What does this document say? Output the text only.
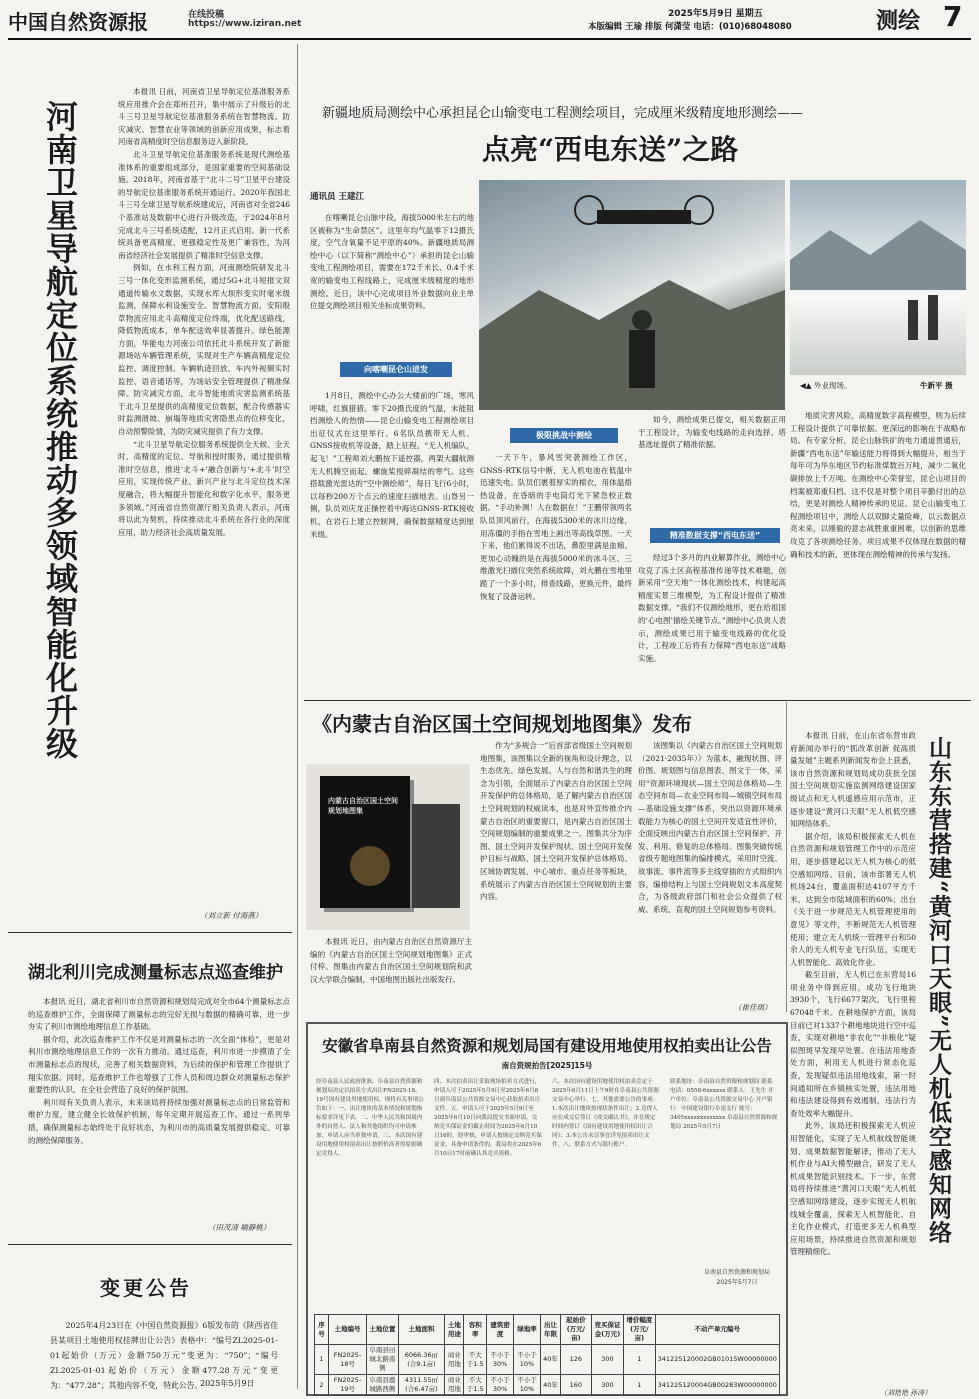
中国自然资源报	在线投稿
https://www.iziran.net
2025年5月9日 星期五
本版编辑 王瑜 排版 何潇莹 电话：(010)68048080	测绘 7
河南卫星导航定位系统推动多领域智能化升级

本报讯 日前，河南省卫星导航定位基准服务系统应用推介会在郑州召开，集中展示了升级后的北斗三号卫星导航定位基准服务系统在智慧物流、防灾减灾、智慧农业等领域的创新应用成果，标志着河南省高精度时空信息服务迈入新阶段。

北斗卫星导航定位基准服务系统是现代测绘基准体系的重要组成部分，是国家重要的空间基础设施。2018年，河南省基于“北斗二号”卫星平台建设的导航定位基准服务系统开通运行。2020年我国北斗三号全球卫星导航系统建成后，河南省对全省246个基准站及数据中心进行升级改造，于2024年8月完成北斗三号系统适配，12月正式启用。新一代系统具备更高精度、更强稳定性及更广兼容性，为河南省经济社会发展提供了精准时空信息支撑。

例如，在水利工程方面，河南测绘院研发北斗三号一体化变形监测系统，通过5G+北斗短报文双通道传输水文数据，实现水库大坝形变实时毫米级监测，保障水利设施安全。智慧物流方面，安阳殷草物流应用北斗高精度定位终端，优化配送路线，降低物流成本，单车配送效率显著提升。绿色能源方面，华能电力河南公司依托北斗系统开发了新能源场站车辆管理系统，实现对生产车辆高精度定位监控、调度控制、车辆轨迹回放、车内外视频实时监控、语音通话等，为场站安全管理提供了精准保障。防灾减灾方面，北斗智能地质灾害监测系统基于北斗卫星提供的高精度定位数据，配合传感器实时监测滑坡、崩塌等地质灾害隐患点的位移变化，自动预警险情，为防灾减灾提供了有力支撑。

“北斗卫星导航定位服务系统提供全天候、全天时、高精度的定位、导航和授时服务，通过提供精准时空信息，推进‘北斗+’融合创新与‘+北斗’时空应用，实现传统产业、新兴产业与北斗定位技术深度融合，将大幅提升智能化和数字化水平，服务更多领域。”河南省自然资源厅相关负责人表示，河南将以此为契机，持续推动北斗系统在各行业的深度应用，助力经济社会高质量发展。

（刘立新 付海燕）
湖北利川完成测量标志点巡查维护

本报讯 近日，湖北省利川市自然资源和规划局完成对全市64个测量标志点的巡查维护工作，全面保障了测量标志的完好无损与数据的精确可靠，进一步夯实了利川市测绘地理信息工作基础。

据介绍，此次巡查维护工作不仅是对测量标志的一次全面“体检”，更是对利川市测绘地理信息工作的一次有力推动。通过巡查，利川市进一步摸清了全市测量标志点的现状，完善了相关数据资料，为后续的保护和管理工作提供了翔实依据。同时，巡查维护工作也增强了工作人员和周边群众对测量标志保护重要性的认识，在全社会营造了良好的保护氛围。

利川局有关负责人表示，未来该局将持续加强对测量标志点的日常监管和维护力度，建立健全长效保护机制，每年定期开展巡查工作。通过一系列举措，确保测量标志始终处于良好状态，为利川市的高质量发展提供稳定、可靠的测绘保障服务。

（田茂清 喻静桃）
变更公告
2025年4月23日在《中国自然资源报》6版发布的《陕西省佳县某项目土地使用权挂牌出让公告》表格中：“编号ZL2025-01-01起始价（万元）金额750万元”变更为：“750”；“编号ZL2025-01-01起始价（万元）金额477.28万元”变更为：“477.28”；其他内容不变，特此公告。
2025年5月9日
新疆地质局测绘中心承担昆仑山输变电工程测绘项目，完成厘米级精度地形测绘——
点亮“西电东送”之路
通讯员 王建江
在喀喇昆仑山脉中段，海拔5000米左右的地区被称为“生命禁区”。这里年均气温零下12摄氏度，空气含氧量不足平原的40%。新疆地质局测绘中心（以下简称“测绘中心”）承担的昆仑山输变电工程测绘项目，需要在172千米长、0.4千米宽的输变电工程线路上，完成厘米级精度的地形测绘。近日，该中心完成项目外业数据向业主单位提交测绘项目相关坐标成果资料。
◀▲ 外业现场。	牛新平 摄
向喀喇昆仑山进发
1月8日，测绘中心办公大楼前的广场，寒风呼啸，红旗猎猎。零下20摄氏度的气温，未能阻挡测绘人的热情——昆仑山输变电工程测绘项目出征仪式在这里举行。6名队员携带无人机、GNSS接收机等设备，踏上征程。“无人机编队，起飞！”工程师刘大鹏按下遥控器，两架大疆航测无人机腾空而起，螺旋桨搅碎凝结的寒气。这些搭载激光雷达的“空中测绘师”，每日飞行6小时，以每秒200万个点云的速度扫描地表。山脊另一侧，队员刘庆龙正操控着中海达GNSS-RTK接收机，在岩石上建立控制网，确保数据精度达到厘米级。
极限挑战中测绘
一天下午，暴风雪突袭测绘工作区，GNSS-RTK信号中断，无人机电池在低温中迅速失电。队员们裹着厚实的棉衣，用体温焐热设备，在昏暗的手电筒灯光下紧急校正数据。“手动补测！人在数据在！”王鹏带领两名队员顶风前行，在海拔5300米的冰川边缘，用冻僵的手指在雪地上画出等高线草图。一天下来，他们累得说不出话，鼻腔里满是血痂。更加心动魄的是在海拔5000米的冰斗区。三维激光扫描仪突然系统故障，刘大鹏在雪地里跪了一个多小时，排查线路，更换元件，最终恢复了设备运转。
如今，测绘成果已提交，相关数据正用于工程设计，为输变电线路的走向选择、塔基选址提供了精准依据。
精准数据支撑“西电东送”
经过3个多月的内业解算作业，测绘中心攻克了冻土区高程基准传递等技术难题，创新采用“空天地”一体化测绘技术，构建起高精度实景三维模型，为工程设计提供了精准数据支撑。“我们不仅测绘地形，更在给祖国的‘心电图’描绘关键节点。”测绘中心负责人表示，测绘成果已用于输变电线路的优化设计，工程竣工后将有力保障“西电东送”战略实施。
地质灾害风险，高精度数字高程模型，则为后续工程设计提供了可靠依据。更深远的影响在于战略布局。有专家分析，昆仑山脉铁矿的电力通道贯通后，新疆“西电东送”年输送能力将得到大幅提升，相当于每年可为华东地区节约标准煤数百万吨，减少二氧化碳排放上千万吨。在测绘中心荣誉室，昆仑山项目的档案被郑重归档。这不仅是对整个项目辛勤付出的总结，更是对测绘人精神传承的见证。昆仑山输变电工程测绘项目中，测绘人以双脚丈量险峰，以云数据点亮未来，以刚毅的意志战胜重重困难，以创新的思维攻克了各项测绘任务。项目成果不仅体现在数据的精确和技术的新，更体现在测绘精神的传承与发扬。
《内蒙古自治区国土空间规划地图集》发布
内蒙古自治区国土空间规划地图集
本报讯 近日，由内蒙古自治区自然资源厅主编的《内蒙古自治区国土空间规划地图集》正式付梓。图集由内蒙古自治区国土空间规划院和武汉大学联合编制，中国地图出版社出版发行。
作为“多规合一”后首部省级国土空间规划地图集，该图集以全新的视角和设计理念，以生态优先、绿色发展、人与自然和谐共生的理念为引领，全面展示了内蒙古自治区国土空间开发保护的总体格局，是了解内蒙古自治区国土空间规划的权威读本，也是对外宣传推介内蒙古自治区的重要窗口，是内蒙古自治区国土空间规划编制的重要成果之一。图集共分为序图、国土空间开发保护现状、国土空间开发保护目标与战略、国土空间开发保护总体格局、区域协调发展、中心城市、重点任务等板块，系统展示了内蒙古自治区国土空间规划的主要内容。
该图集以《内蒙古自治区国土空间规划（2021-2035年）》为蓝本，融现状图、评价图、规划图与信息图表、图文于一体，采用“资源环境现状—国土空间总体格局—生态空间布局—农业空间布局—城镇空间布局—基础设施支撑”体系，突出以资源环境承载能力为核心的国土空间开发适宜性评价，全面反映出内蒙古自治区国土空间保护、开发、利用、修复的总体格局。图集突破传统省级专题地图集的编排模式，采用时空流、故事流、事件流等多主线穿插的方式组织内容，编排结构上与国土空间规划文本高度契合，为各级政府部门和社会公众提供了权威、系统、直观的国土空间规划参考资料。
（崔佳琪）

本报讯 日前，在山东省东营市政府新闻办举行的“抓改革创新 促高质量发展”主题系列新闻发布会上获悉，该市自然资源和规划局成功获批全国国土空间规划实施监测网络建设国家级试点和无人机遥感应用示范市，正逐步建设“黄河口天眼”无人机低空感知网络体系。

据介绍，该局积极探索无人机在自然资源和规划管理工作中的示范应用，逐步搭建起以无人机为核心的低空感知网络。目前，该市部署无人机机场24台，覆盖面积达4107平方千米，达到全市陆域面积的60%；出台《关于进一步规范无人机管理使用的意见》等文件，不断规范无人机管理使用；建立无人机统一管理平台和50余人的无人机专业飞行队伍，实现无人机智能化、高效化作业。

截至目前，无人机已在东营局16项业务中得到应用，成功飞行地块3930个，飞行6677架次，飞行里程67048千米。在耕地保护方面，该局目前已对1337个耕地地块进行空中巡查，实现对耕地“非农化”“非粮化”疑似图斑早发现早处置。在违法用地查处方面，利用无人机进行常态化巡查，发现疑似违法用地线索，第一时间通知所在乡镇核实处置，违法用地和违法建设得到有效遏制，违法行为查处效率大幅提升。

此外，该局还积极探索无人机应用智能化，实现了无人机航线智能规划、成果数据智能解译，推动了无人机作业与AI大模型融合，研发了无人机成果智能识别技术。下一步，东营局将持续推进“黄河口天眼”无人机低空感知网络建设，逐步实现无人机航线城全覆盖，探索无人机智能化、自主化作业模式，打造更多无人机典型应用场景，持续推进自然资源和规划管理精细化。

山东东营搭建“黄河口天眼”无人机低空感知网络
（刘艳艳 孙涛）
安徽省阜南县自然资源和规划局国有建设用地使用权拍卖出让公告
南自资规拍告[2025]15号
经阜南县人民政府批准，阜南县自然资源和规划局决定以拍卖方式出让FN2025-18、19号国有建设用地使用权。现将有关事项公告如下：一、出让地块的基本情况和规划指标要求详见下表。二、中华人民共和国境内外的自然人、法人和其他组织均可申请参加，申请人应当单独申请。三、本次国有建设用地使用权拍卖出让按照价高者得原则确定竞得人。
四、本次拍卖出让采取现场拍卖方式进行，申请人可于2025年5月9日至2025年6月8日到阜南县公共资源交易中心获取拍卖出让文件。五、申请人可于2025年5月9日至2025年6月10日向我局提交书面申请。交纳竞买保证金的截止时间为2025年6月10日16时。经审核，申请人按规定交纳竞买保证金，具备申请条件的，我局将在2025年6月10日17时前确认其竞买资格。
六、本次国有建设用地使用权拍卖会定于2025年6月11日上午9时在阜南县公共资源交易中心举行。七、其他需要公告的事项：1.本次出让地块按现状条件出让；2.竞得人应在成交后签订《成交确认书》，并在规定时间内签订《国有建设用地使用权出让合同》；3.本公告未尽事宜详见拍卖出让文件。八、联系方式与银行账户。
联系地址：阜南县自然资源和规划局 联系电话：0558-6xxxxxx 联系人：王先生 开户单位：阜南县公共资源交易中心 开户银行：中国建设银行阜南支行 账号：3405xxxxxxxxxxxxx 阜南县自然资源和规划局 2025年5月7日
阜南县自然资源和规划局
2025年5月7日
序号	土地编号	土地位置	土地面积	土地用途	容积率	建筑密度	绿地率	出让年限	起始价(万元/亩)	竞买保证金(万元)	增价幅度(万元/亩)	不动产单元编号
1	FN2025-18号	阜南县田城北路南侧	6066.36㎡(合9.1亩)	商业用地	不大于1.5	不小于30%	不小于10%	40年	126	300	1	341225120002GB01015W00000000
2	FN2025-19号	阜南县鹿城路西侧	4311.55㎡(合6.47亩)	商业用地	不大于1.5	不小于30%	不小于10%	40年	160	300	1	341225120004GB00283W00000000
